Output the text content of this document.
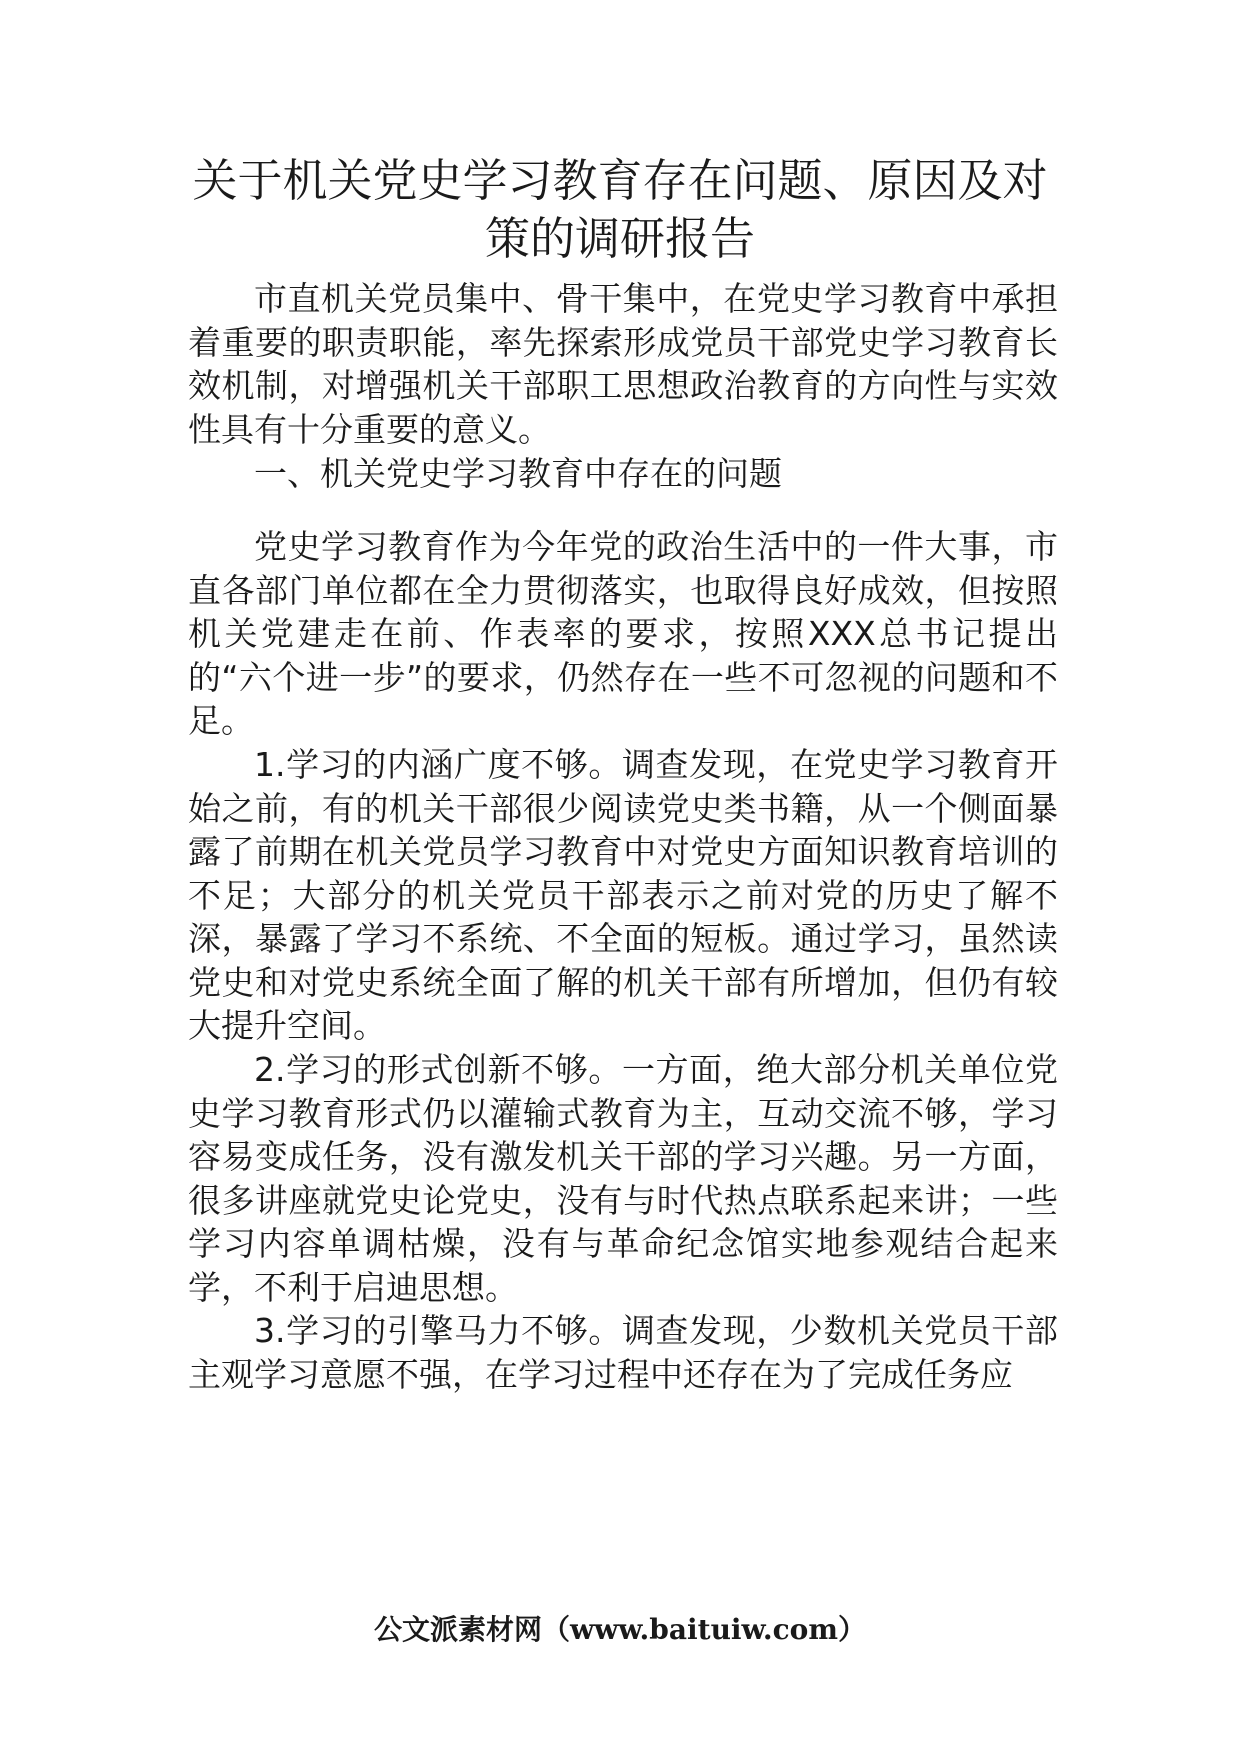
关于机关党史学习教育存在问题、原因及对策的调研报告

市直机关党员集中、骨干集中，在党史学习教育中承担着重要的职责职能，率先探索形成党员干部党史学习教育长效机制，对增强机关干部职工思想政治教育的方向性与实效性具有十分重要的意义。

一、机关党史学习教育中存在的问题

党史学习教育作为今年党的政治生活中的一件大事，市直各部门单位都在全力贯彻落实，也取得良好成效，但按照机关党建走在前、作表率的要求，按照XXX总书记提出的“六个进一步”的要求，仍然存在一些不可忽视的问题和不足。

1.学习的内涵广度不够。调查发现，在党史学习教育开始之前，有的机关干部很少阅读党史类书籍，从一个侧面暴露了前期在机关党员学习教育中对党史方面知识教育培训的不足；大部分的机关党员干部表示之前对党的历史了解不深，暴露了学习不系统、不全面的短板。通过学习，虽然读党史和对党史系统全面了解的机关干部有所增加，但仍有较大提升空间。

2.学习的形式创新不够。一方面，绝大部分机关单位党史学习教育形式仍以灌输式教育为主，互动交流不够，学习容易变成任务，没有激发机关干部的学习兴趣。另一方面，很多讲座就党史论党史，没有与时代热点联系起来讲；一些学习内容单调枯燥，没有与革命纪念馆实地参观结合起来学，不利于启迪思想。

3.学习的引擎马力不够。调查发现，少数机关党员干部主观学习意愿不强，在学习过程中还存在为了完成任务应

公文派素材网（www.baituiw.com）
